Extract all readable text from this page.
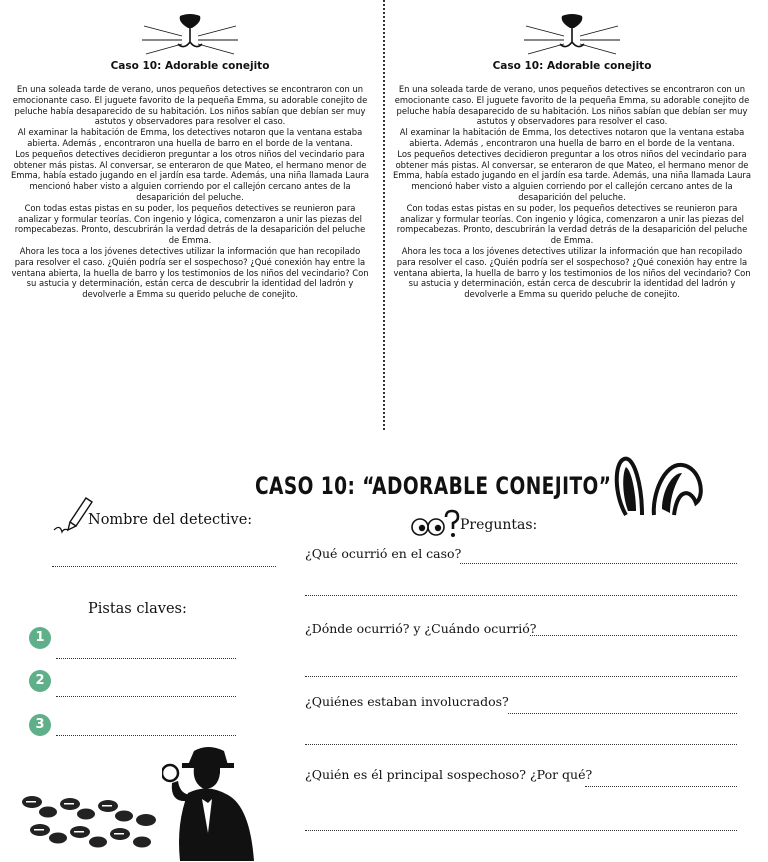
Caso 10: Adorable conejito

En una soleada tarde de verano, unos pequeños detectives se encontraron con un emocionante caso. El juguete favorito de la pequeña Emma, su adorable conejito de peluche había desaparecido de su habitación. Los niños sabían que debían ser muy astutos y observadores para resolver el caso.

Al examinar la habitación de Emma, los detectives notaron que la ventana estaba abierta. Además , encontraron una huella de barro en el borde de la ventana.

Los pequeños detectives decidieron preguntar a los otros niños del vecindario para obtener más pistas. Al conversar, se enteraron de que Mateo, el hermano menor de Emma, había estado jugando en el jardín esa tarde. Además, una niña llamada Laura mencionó haber visto a alguien corriendo por el callejón cercano antes de la desaparición del peluche.

Con todas estas pistas en su poder, los pequeños detectives se reunieron para analizar y formular teorías. Con ingenio y lógica, comenzaron a unir las piezas del rompecabezas. Pronto, descubrirán la verdad detrás de la desaparición del peluche de Emma.

Ahora les toca a los jóvenes detectives utilizar la información que han recopilado para resolver el caso. ¿Quién podría ser el sospechoso? ¿Qué conexión hay entre la ventana abierta, la huella de barro y los testimonios de los niños del vecindario? Con su astucia y determinación, están cerca de descubrir la identidad del ladrón y devolverle a Emma su querido peluche de conejito.

Caso 10: Adorable conejito

En una soleada tarde de verano, unos pequeños detectives se encontraron con un emocionante caso. El juguete favorito de la pequeña Emma, su adorable conejito de peluche había desaparecido de su habitación. Los niños sabían que debían ser muy astutos y observadores para resolver el caso.

Al examinar la habitación de Emma, los detectives notaron que la ventana estaba abierta. Además , encontraron una huella de barro en el borde de la ventana.

Los pequeños detectives decidieron preguntar a los otros niños del vecindario para obtener más pistas. Al conversar, se enteraron de que Mateo, el hermano menor de Emma, había estado jugando en el jardín esa tarde. Además, una niña llamada Laura mencionó haber visto a alguien corriendo por el callejón cercano antes de la desaparición del peluche.

Con todas estas pistas en su poder, los pequeños detectives se reunieron para analizar y formular teorías. Con ingenio y lógica, comenzaron a unir las piezas del rompecabezas. Pronto, descubrirán la verdad detrás de la desaparición del peluche de Emma.

Ahora les toca a los jóvenes detectives utilizar la información que han recopilado para resolver el caso. ¿Quién podría ser el sospechoso? ¿Qué conexión hay entre la ventana abierta, la huella de barro y los testimonios de los niños del vecindario? Con su astucia y determinación, están cerca de descubrir la identidad del ladrón y devolverle a Emma su querido peluche de conejito.

CASO 10: “ADORABLE CONEJITO”
Nombre del detective:
Pistas claves:
1
2
3
Preguntas:
¿Qué ocurrió en el caso?
¿Dónde ocurrió? y ¿Cuándo ocurrió?
¿Quiénes estaban involucrados?
¿Quién es él principal sospechoso? ¿Por qué?
